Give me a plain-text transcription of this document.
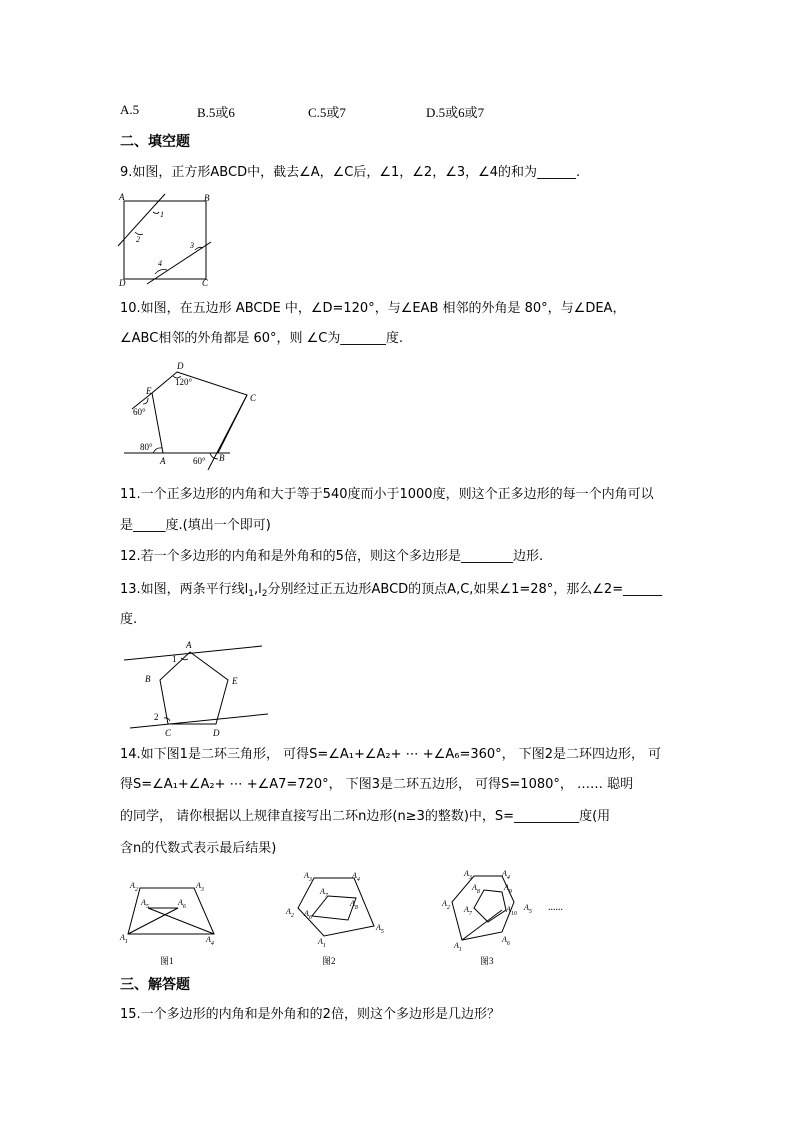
A.5	B.5或6	C.5或7	D.5或6或7
二、填空题
9.如图，正方形ABCD中，截去∠A，∠C后，∠1，∠2，∠3，∠4的和为______.
A	B
C
D
1
2
3
4
10.如图，在五边形 ABCDE 中，∠D=120°，与∠EAB 相邻的外角是 80°，与∠DEA，
∠ABC相邻的外角都是 60°，则 ∠C为_______度.
D
E
C
A	B
120°
60°
80°
60°
11.一个正多边形的内角和大于等于540度而小于1000度，则这个正多边形的每一个内角可以
是_____度.(填出一个即可)
12.若一个多边形的内角和是外角和的5倍，则这个多边形是________边形.
13.如图，两条平行线$l_1,l_2$分别经过正五边形ABCD的顶点A,C,如果∠1=28°，那么∠2=______
度.
A
B
C	D
E
1
2
14.如下图1是二环三角形， 可得S=∠A₁+∠A₂+ ⋯ +∠A₆=360°， 下图2是二环四边形， 可
得S=∠A₁+∠A₂+ ⋯ +∠A7=720°， 下图3是二环五边形， 可得S=1080°， …… 聪明
的同学， 请你根据以上规律直接写出二环n边形(n≥3的整数)中，S=__________度(用
含n的代数式表示最后结果)
$A_2$	$A_3$
$A_5$	$A_6$
$A_1$	$A_4$
图1
$A_3$	$A_4$
$A_7$
$A_8$
$A_2$ $A_6$
$A_1$
$A_5$
图2
$A_3$	$A_4$
$A_8$	$A_9$
$A_2$ $A_7$	$A_{10}$
$A_5$
$A_1$
$A_6$
图3
......
三、解答题
15.一个多边形的内角和是外角和的2倍，则这个多边形是几边形？
